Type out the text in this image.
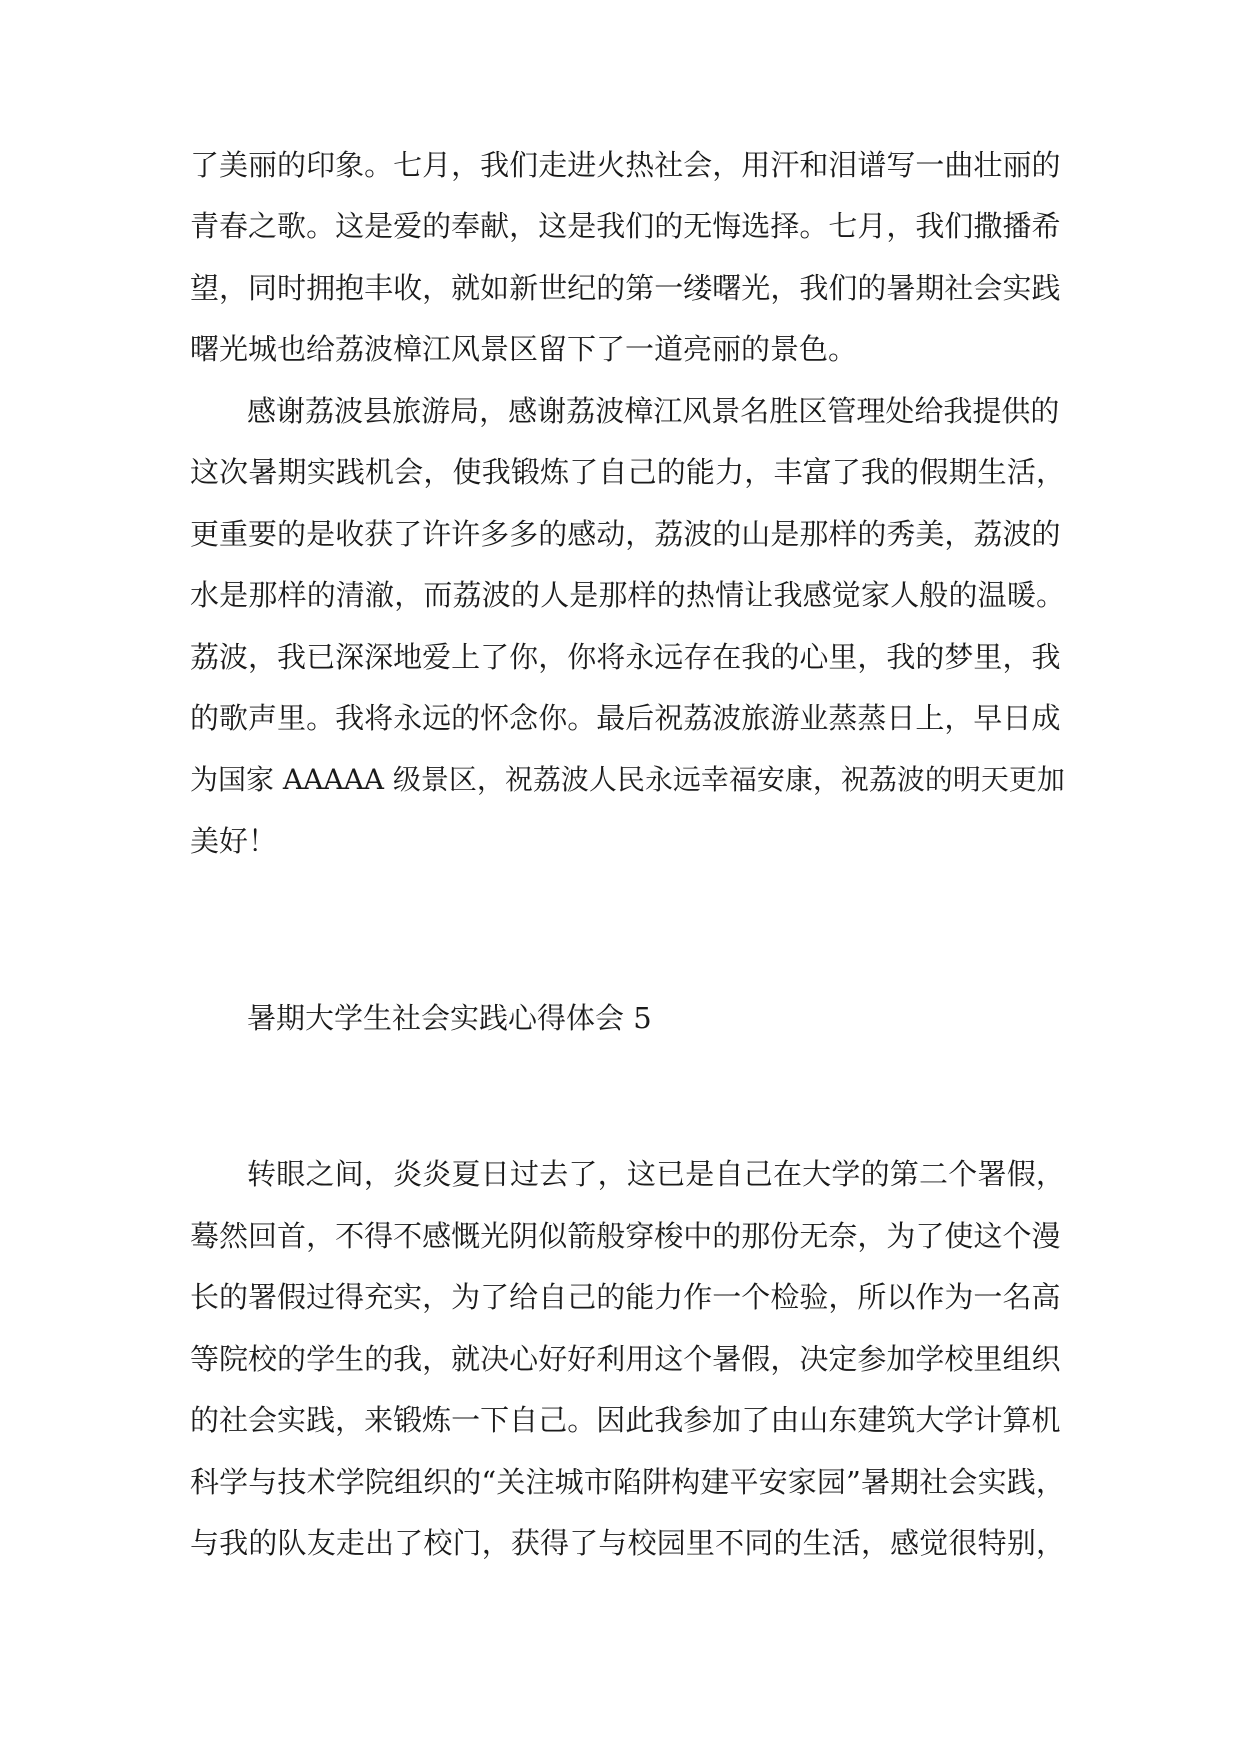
了 美 丽 的 印 象 。 七 月 ， 我 们 走 进 火 热 社 会 ， 用 汗 和 泪 谱 写 一 曲 壮 丽 的
青 春 之 歌 。 这 是 爱 的 奉 献 ， 这 是 我 们 的 无 悔 选 择 。 七 月 ， 我 们 撒 播 希
望 ， 同 时 拥 抱 丰 收 ， 就 如 新 世 纪 的 第 一 缕 曙 光 ， 我 们 的 暑 期 社 会 实 践
曙光城也给荔波樟江风景区留下了一道亮丽的景色。
感 谢 荔 波 县 旅 游 局 ， 感 谢 荔 波 樟 江 风 景 名 胜 区 管 理 处 给 我 提 供 的
这 次 暑 期 实 践 机 会 ， 使 我 锻 炼 了 自 己 的 能 力 ， 丰 富 了 我 的 假 期 生 活 ，
更 重 要 的 是 收 获 了 许 许 多 多 的 感 动 ， 荔 波 的 山 是 那 样 的 秀 美 ， 荔 波 的
水 是 那 样 的 清 澈 ， 而 荔 波 的 人 是 那 样 的 热 情 让 我 感 觉 家 人 般 的 温 暖 。
荔 波 ， 我 已 深 深 地 爱 上 了 你 ， 你 将 永 远 存 在 我 的 心 里 ， 我 的 梦 里 ， 我
的 歌 声 里 。 我 将 永 远 的 怀 念 你 。 最 后 祝 荔 波 旅 游 业 蒸 蒸 日 上 ， 早 日 成
为国家 AAAAA 级景区，祝荔波人民永远幸福安康，祝荔波的明天更加
美好！
暑期大学生社会实践心得体会 5
转 眼 之 间 ， 炎 炎 夏 日 过 去 了 ， 这 已 是 自 己 在 大 学 的 第 二 个 署 假 ，
蓦 然 回 首 ， 不 得 不 感 慨 光 阴 似 箭 般 穿 梭 中 的 那 份 无 奈 ， 为 了 使 这 个 漫
长 的 署 假 过 得 充 实 ， 为 了 给 自 己 的 能 力 作 一 个 检 验 ， 所 以 作 为 一 名 高
等 院 校 的 学 生 的 我 ， 就 决 心 好 好 利 用 这 个 暑 假 ， 决 定 参 加 学 校 里 组 织
的 社 会 实 践 ， 来 锻 炼 一 下 自 己 。 因 此 我 参 加 了 由 山 东 建 筑 大 学 计 算 机
科 学 与 技 术 学 院 组 织 的 “ 关 注 城 市 陷 阱 构 建 平 安 家 园 ” 暑 期 社 会 实 践 ，
与 我 的 队 友 走 出 了 校 门 ， 获 得 了 与 校 园 里 不 同 的 生 活 ， 感 觉 很 特 别 ，
